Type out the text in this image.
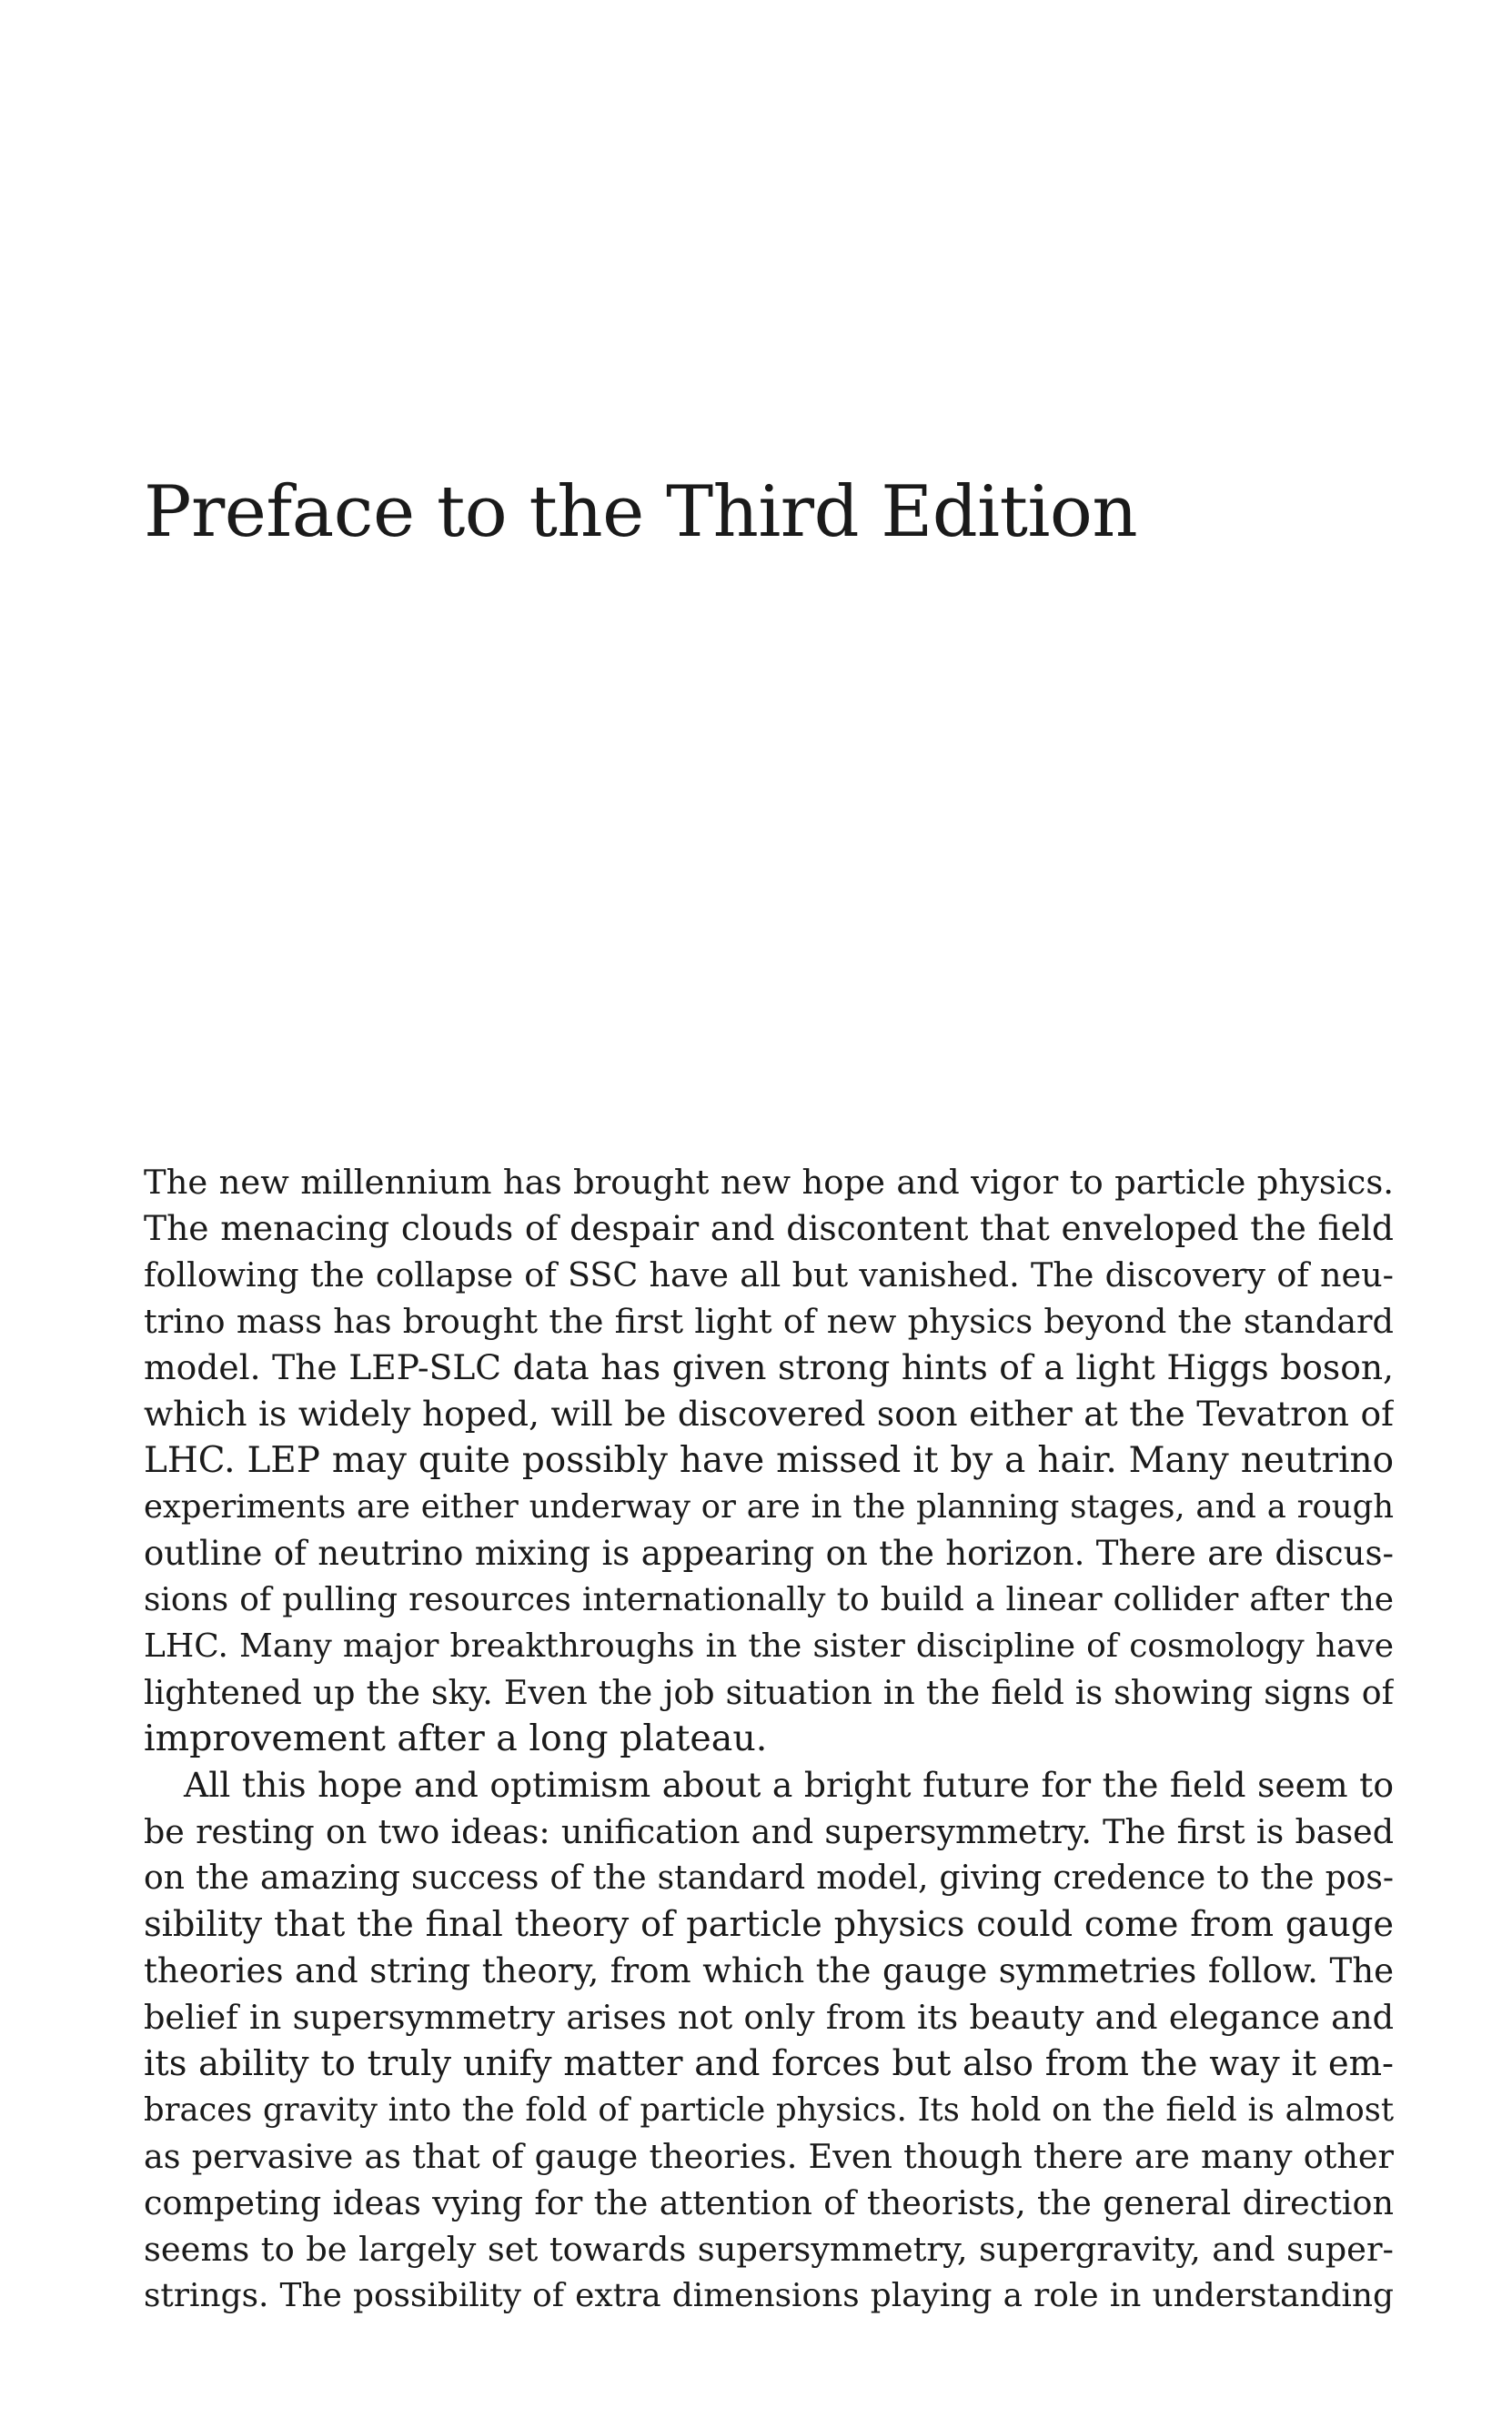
Preface to the Third Edition
The new millennium has brought new hope and vigor to particle physics.
The menacing clouds of despair and discontent that enveloped the field
following the collapse of SSC have all but vanished. The discovery of neu-
trino mass has brought the first light of new physics beyond the standard
model. The LEP-SLC data has given strong hints of a light Higgs boson,
which is widely hoped, will be discovered soon either at the Tevatron of
LHC. LEP may quite possibly have missed it by a hair. Many neutrino
experiments are either underway or are in the planning stages, and a rough
outline of neutrino mixing is appearing on the horizon. There are discus-
sions of pulling resources internationally to build a linear collider after the
LHC. Many major breakthroughs in the sister discipline of cosmology have
lightened up the sky. Even the job situation in the field is showing signs of
improvement after a long plateau.
All this hope and optimism about a bright future for the field seem to
be resting on two ideas: unification and supersymmetry. The first is based
on the amazing success of the standard model, giving credence to the pos-
sibility that the final theory of particle physics could come from gauge
theories and string theory, from which the gauge symmetries follow. The
belief in supersymmetry arises not only from its beauty and elegance and
its ability to truly unify matter and forces but also from the way it em-
braces gravity into the fold of particle physics. Its hold on the field is almost
as pervasive as that of gauge theories. Even though there are many other
competing ideas vying for the attention of theorists, the general direction
seems to be largely set towards supersymmetry, supergravity, and super-
strings. The possibility of extra dimensions playing a role in understanding
